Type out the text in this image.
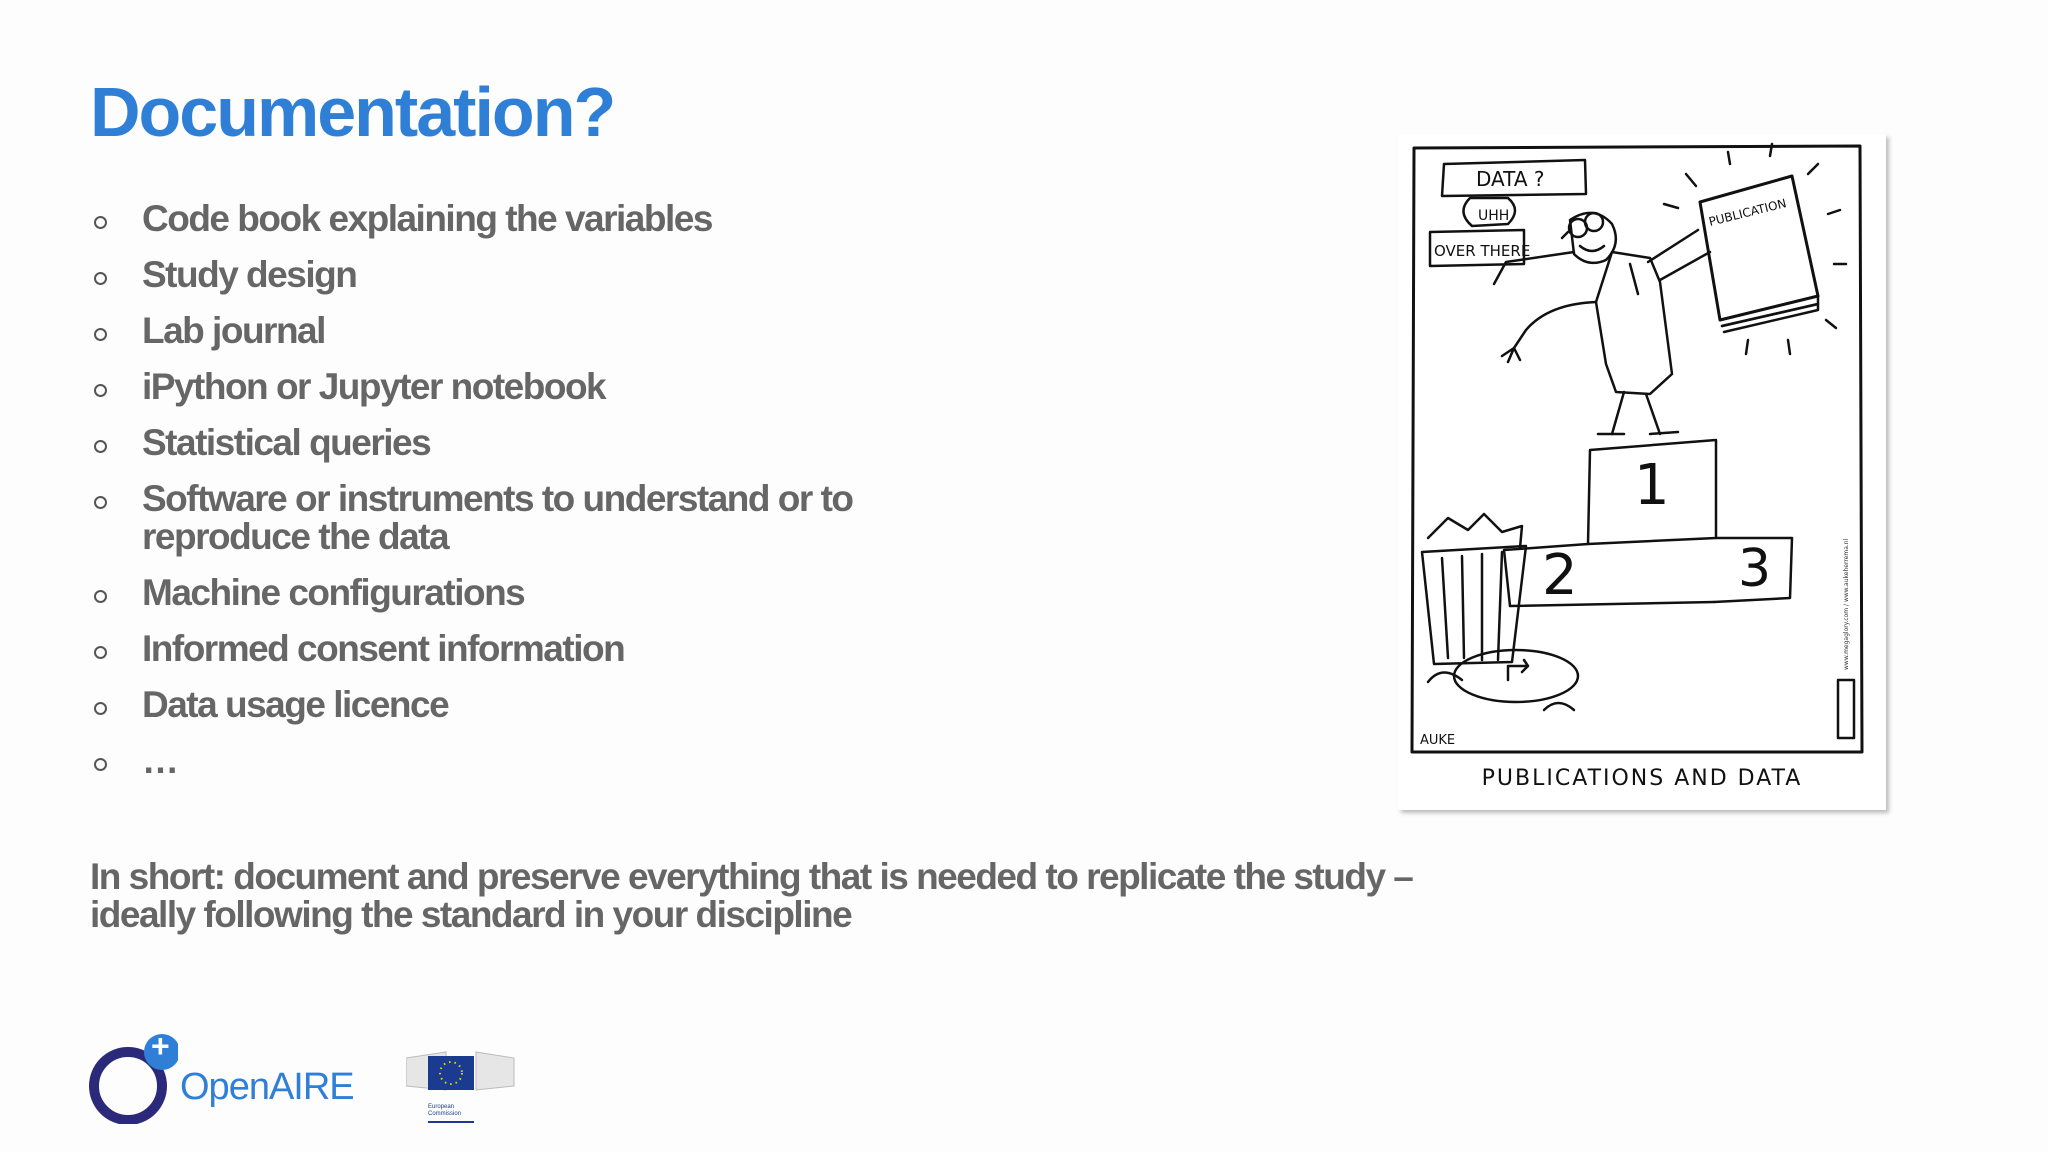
Documentation?
Code book explaining the variables
Study design
Lab journal
iPython or Jupyter notebook
Statistical queries
Software or instruments to understand or to reproduce the data
Machine configurations
Informed consent information
Data usage licence
…

In short: document and preserve everything that is needed to replicate the study – ideally following the standard in your discipline

DATA ?
UHH
OVER THERE
PUBLICATION
1
2	3	www.megaglory.com / www.aukeherrema.nl
AUKE
PUBLICATIONS AND DATA
+
OpenAIRE	European
Commission
